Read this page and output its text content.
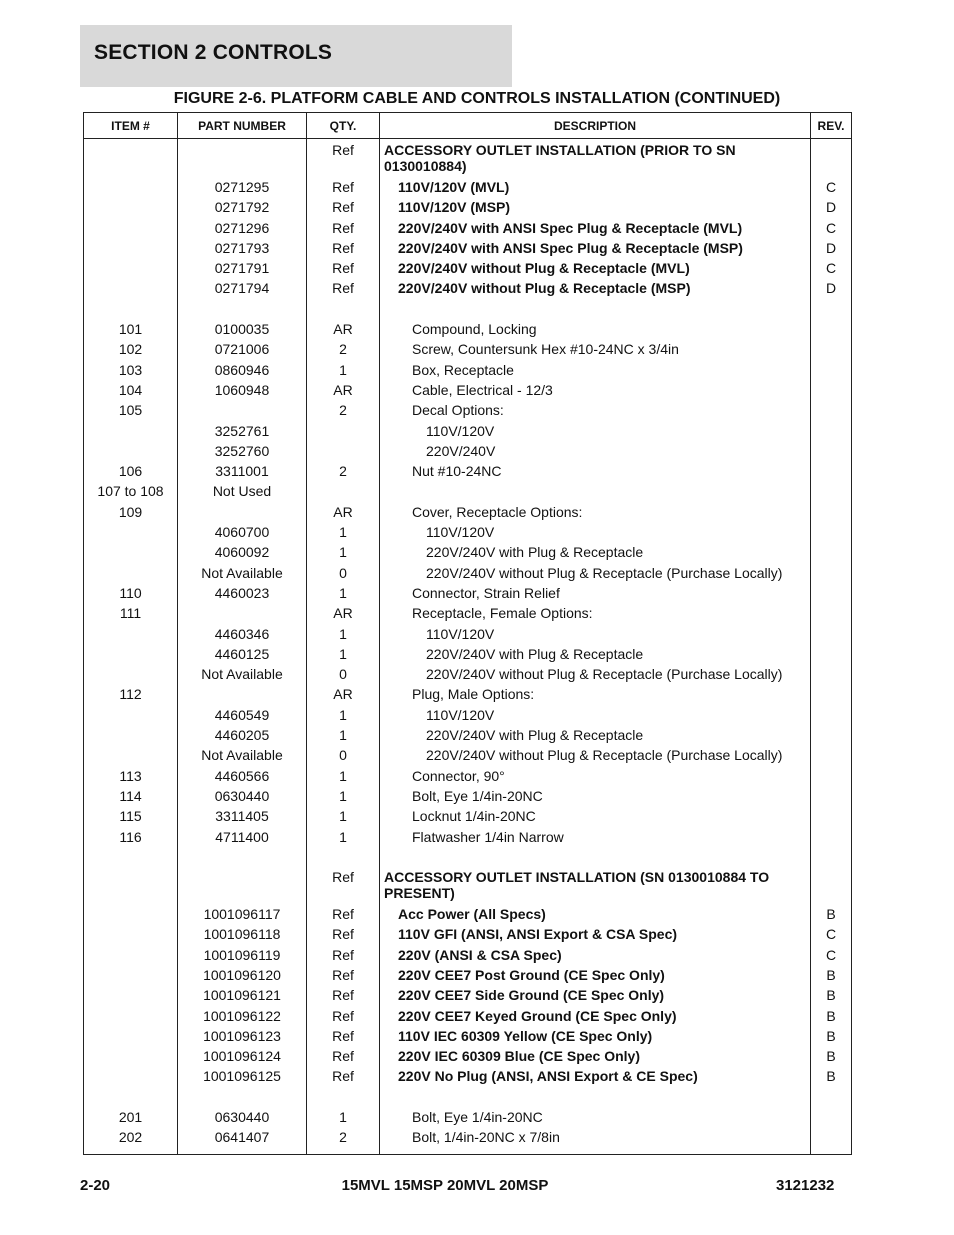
SECTION 2 CONTROLS
FIGURE 2-6. PLATFORM CABLE AND CONTROLS INSTALLATION (CONTINUED)
ITEM #	PART NUMBER	QTY.	DESCRIPTION	REV.
		Ref	ACCESSORY OUTLET INSTALLATION (PRIOR TO SN 0130010884)	

	0271295	Ref	110V/120V (MVL)	C
	0271792	Ref	110V/120V (MSP)	D
	0271296	Ref	220V/240V with ANSI Spec Plug & Receptacle (MVL)	C
	0271793	Ref	220V/240V with ANSI Spec Plug & Receptacle (MSP)	D
	0271791	Ref	220V/240V without Plug & Receptacle (MVL)	C
	0271794	Ref	220V/240V without Plug & Receptacle (MSP)	D

101	0100035	AR	Compound, Locking	

102	0721006	2	Screw, Countersunk Hex #10-24NC x 3/4in	

103	0860946	1	Box, Receptacle	

104	1060948	AR	Cable, Electrical - 12/3	

105		2	Decal Options:	

	3252761		110V/120V	

	3252760		220V/240V	

106	3311001	2	Nut #10-24NC	

107 to 108	Not Used		

109		AR	Cover, Receptacle Options:	

	4060700	1	110V/120V	

	4060092	1	220V/240V with Plug & Receptacle	

	Not Available	0	220V/240V without Plug & Receptacle (Purchase Locally)	

110	4460023	1	Connector, Strain Relief	

111		AR	Receptacle, Female Options:	

	4460346	1	110V/120V	

	4460125	1	220V/240V with Plug & Receptacle	

	Not Available	0	220V/240V without Plug & Receptacle (Purchase Locally)	

112		AR	Plug, Male Options:	

	4460549	1	110V/120V	

	4460205	1	220V/240V with Plug & Receptacle	

	Not Available	0	220V/240V without Plug & Receptacle (Purchase Locally)	

113	4460566	1	Connector, 90°	

114	0630440	1	Bolt, Eye 1/4in-20NC	

115	3311405	1	Locknut 1/4in-20NC	

116	4711400	1	Flatwasher 1/4in Narrow	

		Ref	ACCESSORY OUTLET INSTALLATION (SN 0130010884 TO PRESENT)	

	1001096117	Ref	Acc Power (All Specs)	B
	1001096118	Ref	110V GFI (ANSI, ANSI Export & CSA Spec)	C
	1001096119	Ref	220V (ANSI & CSA Spec)	C
	1001096120	Ref	220V CEE7 Post Ground (CE Spec Only)	B
	1001096121	Ref	220V CEE7 Side Ground (CE Spec Only)	B
	1001096122	Ref	220V CEE7 Keyed Ground (CE Spec Only)	B
	1001096123	Ref	110V IEC 60309 Yellow (CE Spec Only)	B
	1001096124	Ref	220V IEC 60309 Blue (CE Spec Only)	B
	1001096125	Ref	220V No Plug (ANSI, ANSI Export & CE Spec)	B

201	0630440	1	Bolt, Eye 1/4in-20NC	

202	0641407	2	Bolt, 1/4in-20NC x 7/8in	

2-20	15MVL 15MSP 20MVL 20MSP	3121232
